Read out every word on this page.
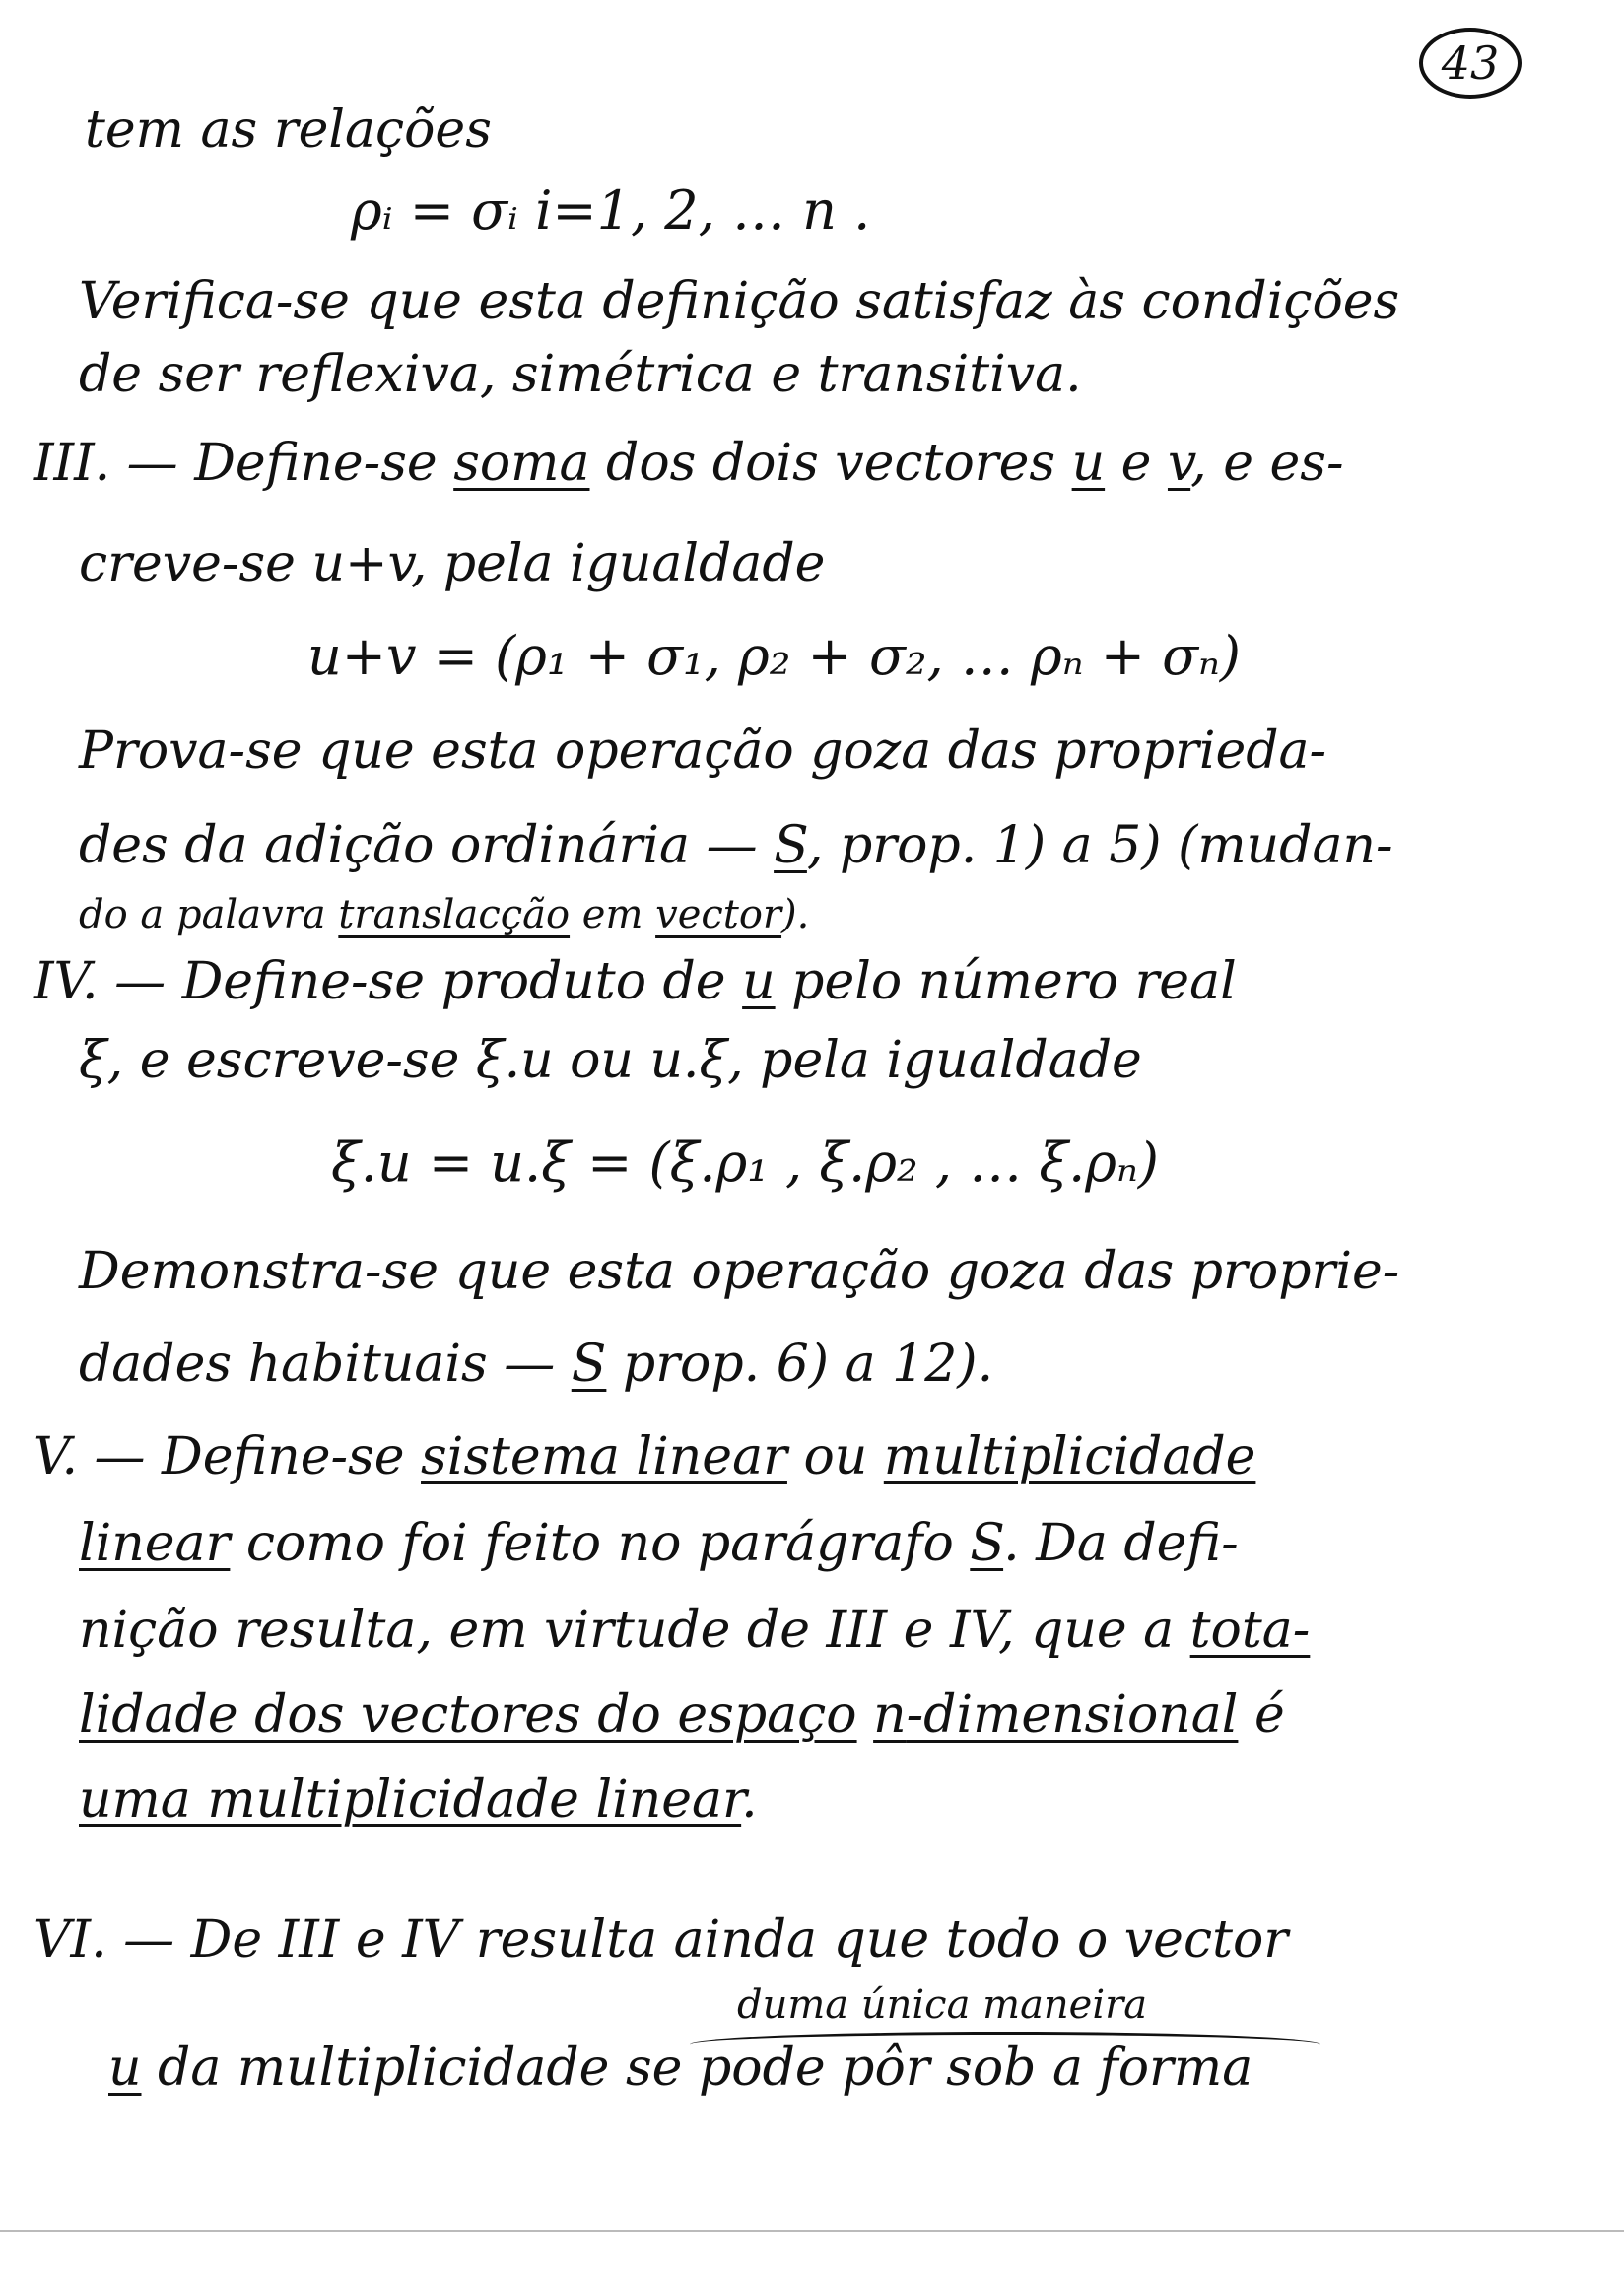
43
tem as relações
ρᵢ = σᵢ i=1, 2, … n .
Verifica-se que esta definição satisfaz às condições
de ser reflexiva, simétrica e transitiva.
III. — Define-se soma dos dois vectores u e v, e es-
creve-se u+v, pela igualdade
u+v = (ρ₁ + σ₁, ρ₂ + σ₂, … ρₙ + σₙ)
Prova-se que esta operação goza das proprieda-
des da adição ordinária — S, prop. 1) a 5) (mudan-
do a palavra translacção em vector).
IV. — Define-se produto de u pelo número real
ξ, e escreve-se ξ.u ou u.ξ, pela igualdade
ξ.u = u.ξ = (ξ.ρ₁ , ξ.ρ₂ , … ξ.ρₙ)
Demonstra-se que esta operação goza das proprie-
dades habituais — S prop. 6) a 12).
V. — Define-se sistema linear ou multiplicidade
linear como foi feito no parágrafo S. Da defi-
nição resulta, em virtude de III e IV, que a tota-
lidade dos vectores do espaço n-dimensional é
uma multiplicidade linear.
VI. — De III e IV resulta ainda que todo o vector
duma única maneira
u da multiplicidade se pode pôr sob a forma
